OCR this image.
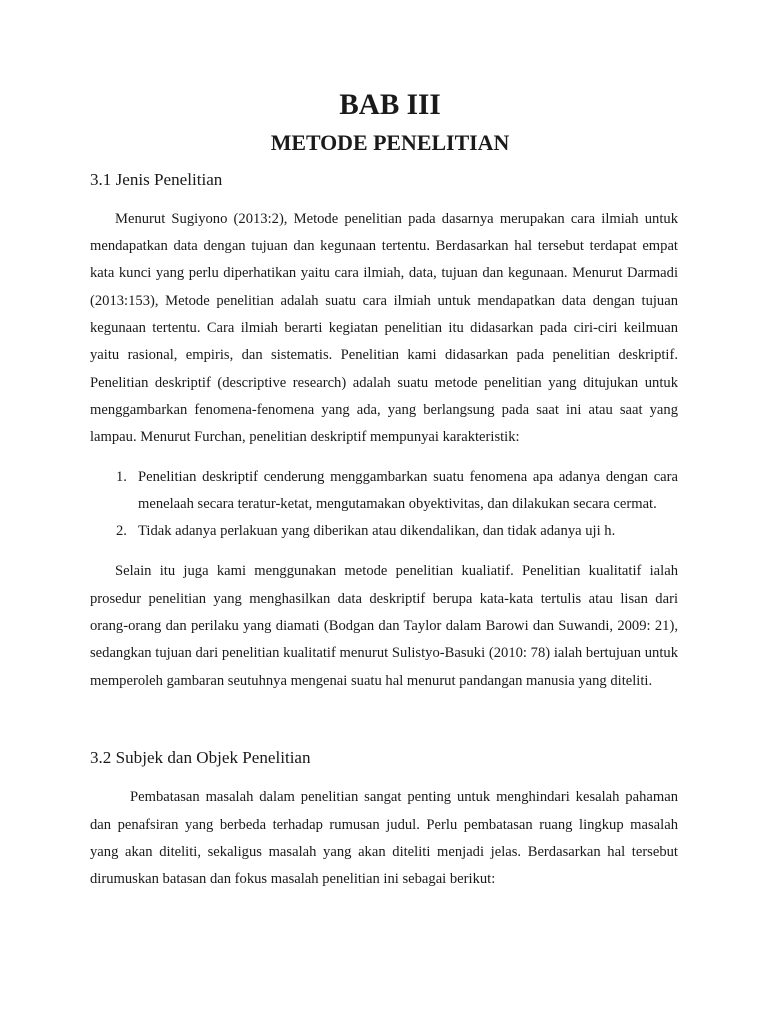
BAB III
METODE PENELITIAN
3.1 Jenis Penelitian

Menurut Sugiyono (2013:2), Metode penelitian pada dasarnya merupakan cara ilmiah untuk mendapatkan data dengan tujuan dan kegunaan tertentu. Berdasarkan hal tersebut terdapat empat kata kunci yang perlu diperhatikan yaitu cara ilmiah, data, tujuan dan kegunaan. Menurut Darmadi (2013:153), Metode penelitian adalah suatu cara ilmiah untuk mendapatkan data dengan tujuan kegunaan tertentu. Cara ilmiah berarti kegiatan penelitian itu didasarkan pada ciri-ciri keilmuan yaitu rasional, empiris, dan sistematis. Penelitian kami didasarkan pada penelitian deskriptif. Penelitian deskriptif (descriptive research) adalah suatu metode penelitian yang ditujukan untuk menggambarkan fenomena-fenomena yang ada, yang berlangsung pada saat ini atau saat yang lampau. Menurut Furchan, penelitian deskriptif mempunyai karakteristik:

1. Penelitian deskriptif cenderung menggambarkan suatu fenomena apa adanya dengan cara menelaah secara teratur-ketat, mengutamakan obyektivitas, dan dilakukan secara cermat.
2. Tidak adanya perlakuan yang diberikan atau dikendalikan, dan tidak adanya uji h.

Selain itu juga kami menggunakan metode penelitian kualiatif. Penelitian kualitatif ialah prosedur penelitian yang menghasilkan data deskriptif berupa kata-kata tertulis atau lisan dari orang-orang dan perilaku yang diamati (Bodgan dan Taylor dalam Barowi dan Suwandi, 2009: 21), sedangkan tujuan dari penelitian kualitatif menurut Sulistyo-Basuki (2010: 78) ialah bertujuan untuk memperoleh gambaran seutuhnya mengenai suatu hal menurut pandangan manusia yang diteliti.

3.2 Subjek dan Objek Penelitian

Pembatasan masalah dalam penelitian sangat penting untuk menghindari kesalah pahaman dan penafsiran yang berbeda terhadap rumusan judul. Perlu pembatasan ruang lingkup masalah yang akan diteliti, sekaligus masalah yang akan diteliti menjadi jelas. Berdasarkan hal tersebut dirumuskan batasan dan fokus masalah penelitian ini sebagai berikut:
